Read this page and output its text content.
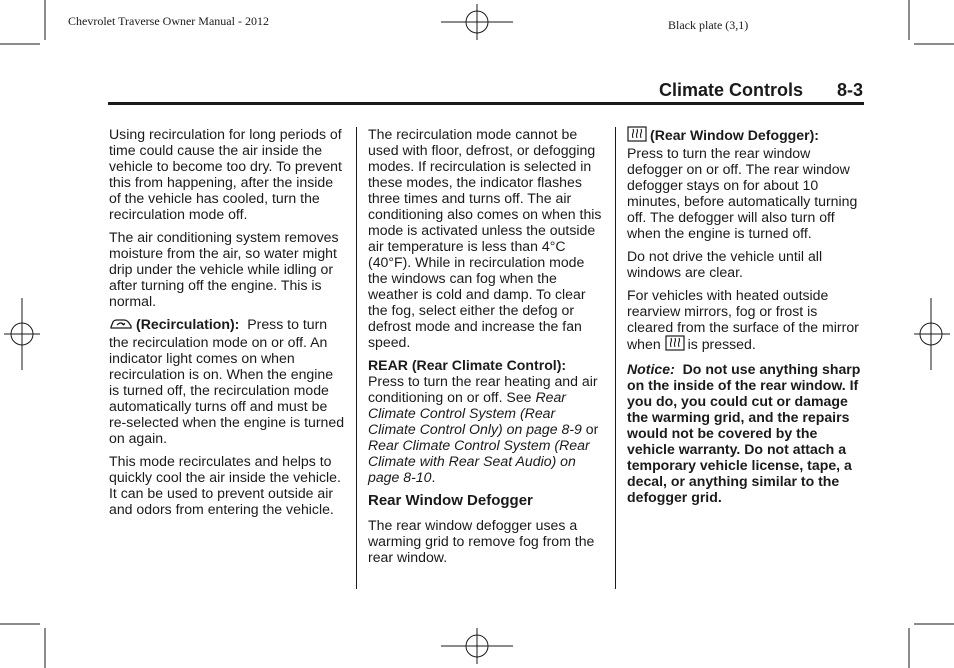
Chevrolet Traverse Owner Manual - 2012	Black plate (3,1)
Climate Controls 8-3

Using recirculation for long periods of time could cause the air inside the vehicle to become too dry. To prevent this from happening, after the inside of the vehicle has cooled, turn the recirculation mode off.

The air conditioning system removes moisture from the air, so water might drip under the vehicle while idling or after turning off the engine. This is normal.

(Recirculation): Press to turn the recirculation mode on or off. An indicator light comes on when recirculation is on. When the engine is turned off, the recirculation mode automatically turns off and must be re-selected when the engine is turned on again.

This mode recirculates and helps to quickly cool the air inside the vehicle. It can be used to prevent outside air and odors from entering the vehicle.

The recirculation mode cannot be used with floor, defrost, or defogging modes. If recirculation is selected in these modes, the indicator flashes three times and turns off. The air conditioning also comes on when this mode is activated unless the outside air temperature is less than 4°C (40°F). While in recirculation mode the windows can fog when the weather is cold and damp. To clear the fog, select either the defog or defrost mode and increase the fan speed.

REAR (Rear Climate Control):
Press to turn the rear heating and air conditioning on or off. See Rear Climate Control System (Rear Climate Control Only) on page 8-9 or Rear Climate Control System (Rear Climate with Rear Seat Audio) on page 8-10.

Rear Window Defogger

The rear window defogger uses a warming grid to remove fog from the rear window.

(Rear Window Defogger):
Press to turn the rear window defogger on or off. The rear window defogger stays on for about 10 minutes, before automatically turning off. The defogger will also turn off when the engine is turned off.

Do not drive the vehicle until all windows are clear.

For vehicles with heated outside rearview mirrors, fog or frost is cleared from the surface of the mirror when is pressed.

Notice: Do not use anything sharp on the inside of the rear window. If you do, you could cut or damage the warming grid, and the repairs would not be covered by the vehicle warranty. Do not attach a temporary vehicle license, tape, a decal, or anything similar to the defogger grid.
